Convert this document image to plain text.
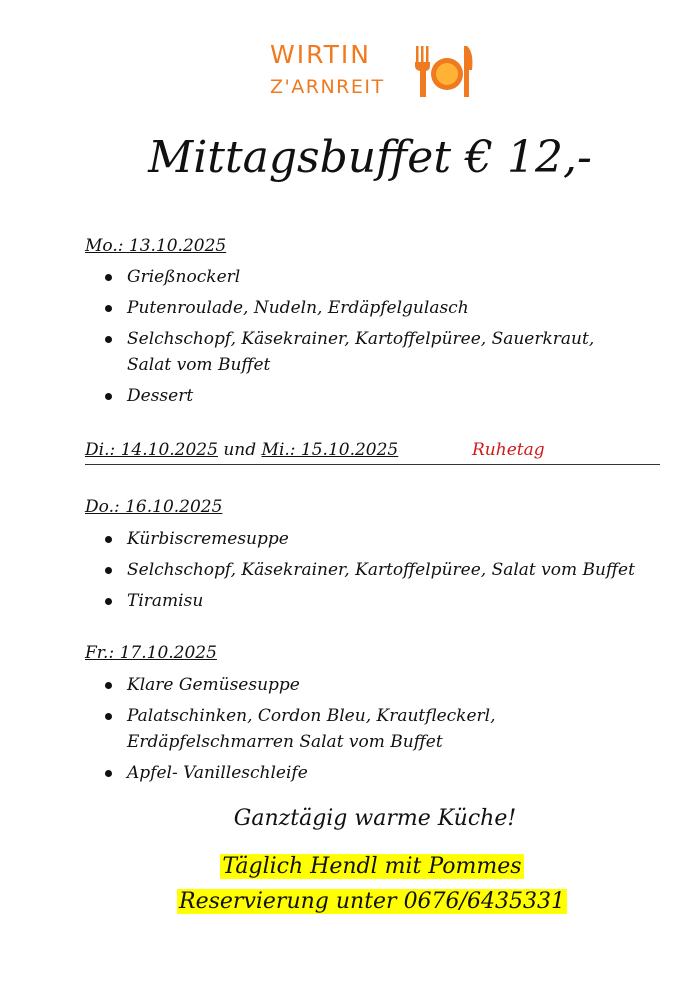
WIRTIN
Z'ARNREIT
Mittagsbuffet € 12,-
Mo.: 13.10.2025
Grießnockerl
Putenroulade, Nudeln, Erdäpfelgulasch
Selchschopf, Käsekrainer, Kartoffelpüree, Sauerkraut, Salat vom Buffet
Dessert
Di.: 14.10.2025 und Mi.: 15.10.2025	Ruhetag
Do.: 16.10.2025
Kürbiscremesuppe
Selchschopf, Käsekrainer, Kartoffelpüree, Salat vom Buffet
Tiramisu
Fr.: 17.10.2025
Klare Gemüsesuppe
Palatschinken, Cordon Bleu, Krautfleckerl, Erdäpfelschmarren Salat vom Buffet
Apfel- Vanilleschleife
Ganztägig warme Küche!
Täglich Hendl mit Pommes
Reservierung unter 0676/6435331
